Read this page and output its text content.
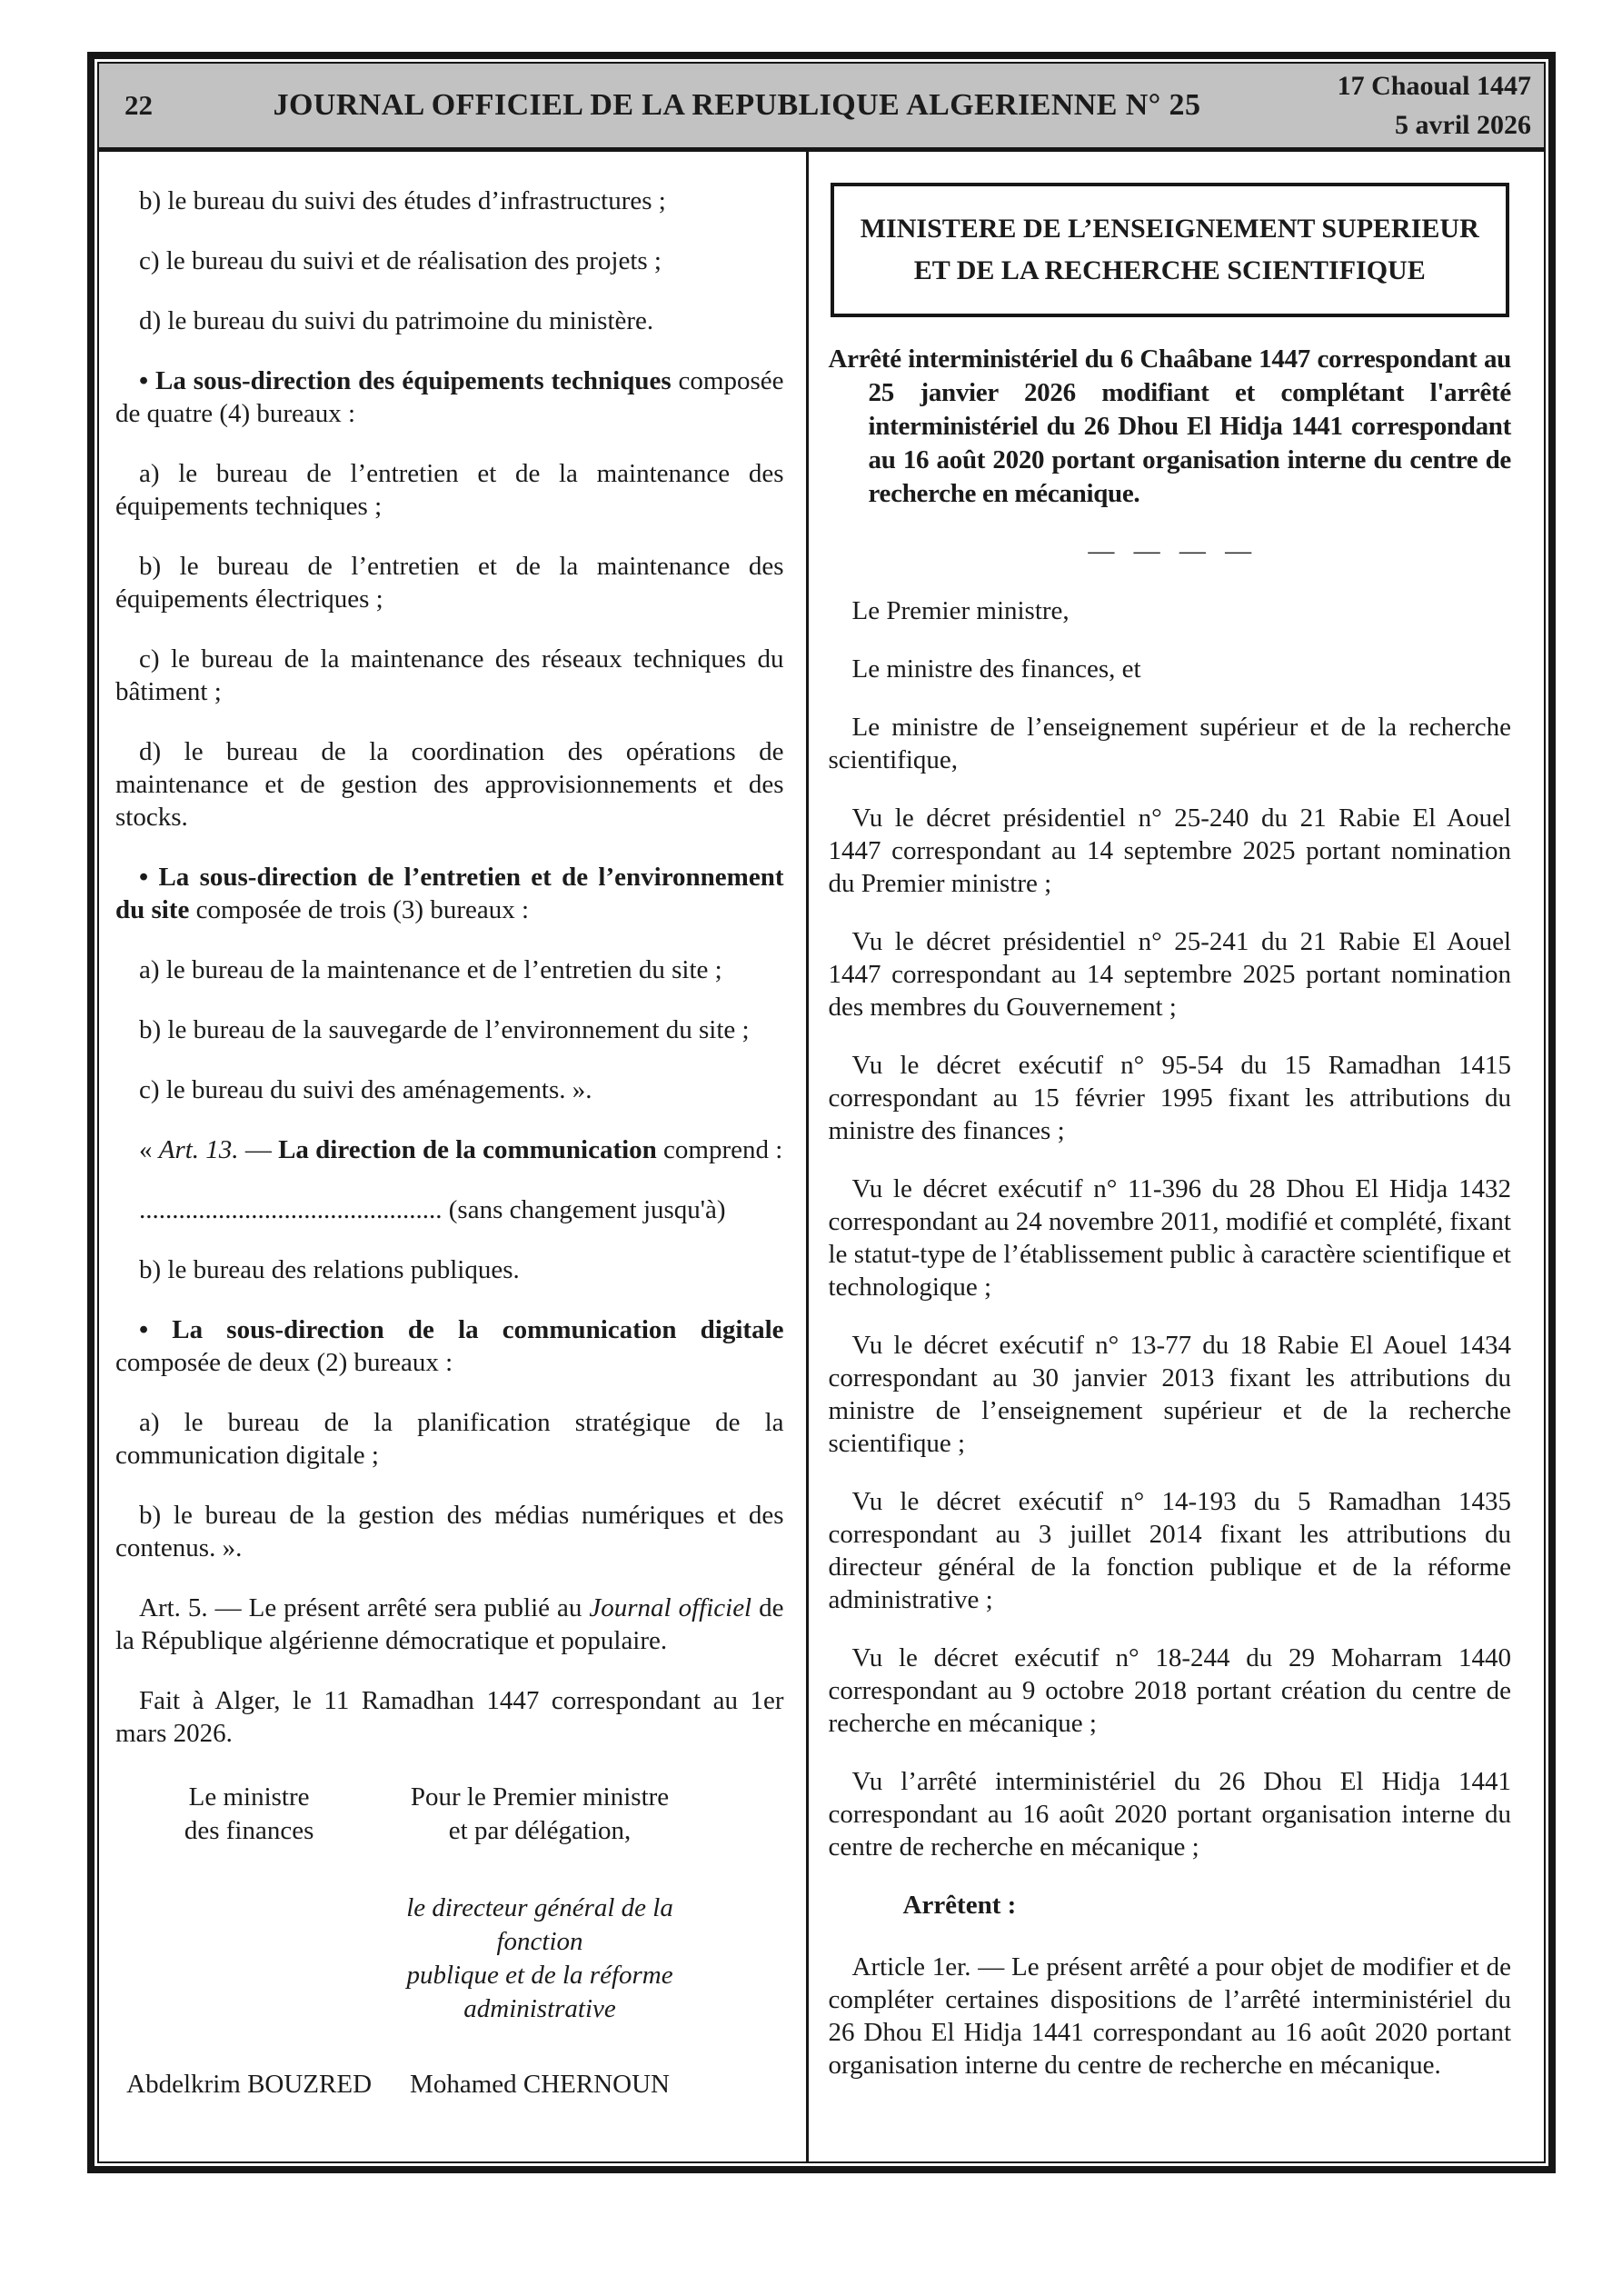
22	JOURNAL OFFICIEL DE LA REPUBLIQUE ALGERIENNE N° 25
17 Chaoual 1447
5 avril 2026

b) le bureau du suivi des études d’infrastructures ;

c) le bureau du suivi et de réalisation des projets ;

d) le bureau du suivi du patrimoine du ministère.

• La sous-direction des équipements techniques composée de quatre (4) bureaux :

a) le bureau de l’entretien et de la maintenance des équipements techniques ;

b) le bureau de l’entretien et de la maintenance des équipements électriques ;

c) le bureau de la maintenance des réseaux techniques du bâtiment ;

d) le bureau de la coordination des opérations de maintenance et de gestion des approvisionnements et des stocks.

• La sous-direction de l’entretien et de l’environnement du site composée de trois (3) bureaux :

a) le bureau de la maintenance et de l’entretien du site ;

b) le bureau de la sauvegarde de l’environnement du site ;

c) le bureau du suivi des aménagements. ».

« Art. 13. — La direction de la communication comprend :

.............................................. (sans changement jusqu'à)

b) le bureau des relations publiques.

• La sous-direction de la communication digitale composée de deux (2) bureaux :

a) le bureau de la planification stratégique de la communication digitale ;

b) le bureau de la gestion des médias numériques et des contenus. ».

Art. 5. — Le présent arrêté sera publié au Journal officiel de la République algérienne démocratique et populaire.

Fait à Alger, le 11 Ramadhan 1447 correspondant au 1er mars 2026.

Le ministre
des finances
Pour le Premier ministre
et par délégation,
le directeur général de la fonction
publique et de la réforme
administrative
Abdelkrim BOUZRED	Mohamed CHERNOUN
MINISTERE DE L’ENSEIGNEMENT SUPERIEUR
ET DE LA RECHERCHE SCIENTIFIQUE

Arrêté interministériel du 6 Chaâbane 1447 correspondant au 25 janvier 2026 modifiant et complétant l'arrêté interministériel du 26 Dhou El Hidja 1441 correspondant au 16 août 2020 portant organisation interne du centre de recherche en mécanique.

— — — —

Le Premier ministre,

Le ministre des finances, et

Le ministre de l’enseignement supérieur et de la recherche scientifique,

Vu le décret présidentiel n° 25-240 du 21 Rabie El Aouel 1447 correspondant au 14 septembre 2025 portant nomination du Premier ministre ;

Vu le décret présidentiel n° 25-241 du 21 Rabie El Aouel 1447 correspondant au 14 septembre 2025 portant nomination des membres du Gouvernement ;

Vu le décret exécutif n° 95-54 du 15 Ramadhan 1415 correspondant au 15 février 1995 fixant les attributions du ministre des finances ;

Vu le décret exécutif n° 11-396 du 28 Dhou El Hidja 1432 correspondant au 24 novembre 2011, modifié et complété, fixant le statut-type de l’établissement public à caractère scientifique et technologique ;

Vu le décret exécutif n° 13-77 du 18 Rabie El Aouel 1434 correspondant au 30 janvier 2013 fixant les attributions du ministre de l’enseignement supérieur et de la recherche scientifique ;

Vu le décret exécutif n° 14-193 du 5 Ramadhan 1435 correspondant au 3 juillet 2014 fixant les attributions du directeur général de la fonction publique et de la réforme administrative ;

Vu le décret exécutif n° 18-244 du 29 Moharram 1440 correspondant au 9 octobre 2018 portant création du centre de recherche en mécanique ;

Vu l’arrêté interministériel du 26 Dhou El Hidja 1441 correspondant au 16 août 2020 portant organisation interne du centre de recherche en mécanique ;

Arrêtent :

Article 1er. — Le présent arrêté a pour objet de modifier et de compléter certaines dispositions de l’arrêté interministériel du 26 Dhou El Hidja 1441 correspondant au 16 août 2020 portant organisation interne du centre de recherche en mécanique.
